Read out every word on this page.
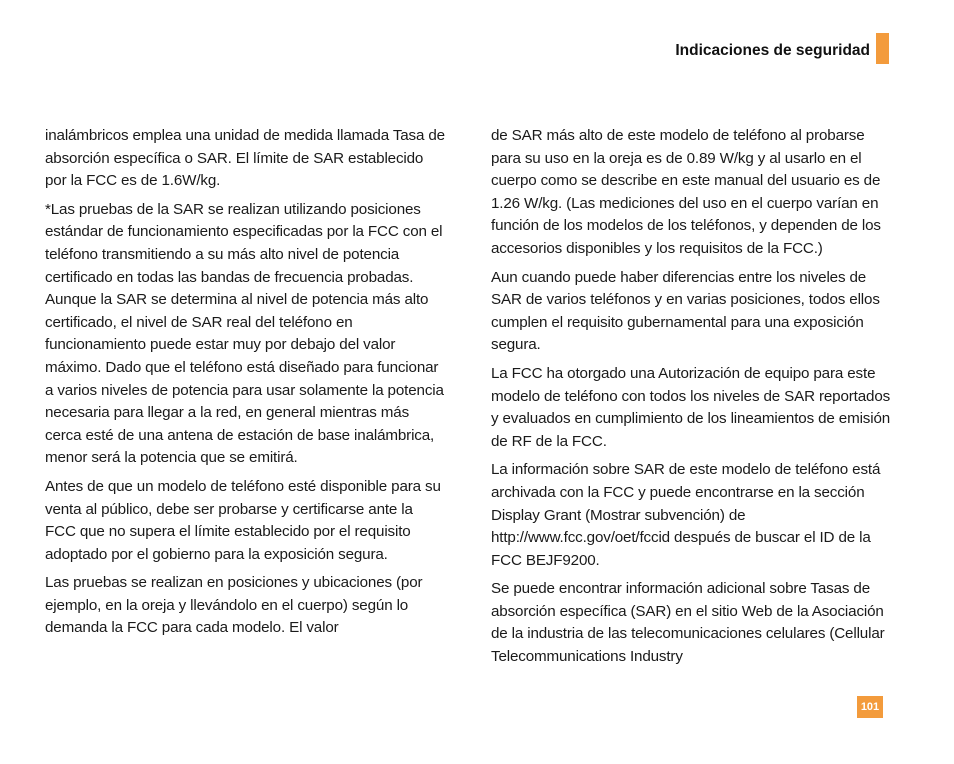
Indicaciones de seguridad

inalámbricos emplea una unidad de medida llamada Tasa de absorción específica o SAR. El límite de SAR establecido por la FCC es de 1.6W/kg.

*Las pruebas de la SAR se realizan utilizando posiciones estándar de funcionamiento especificadas por la FCC con el teléfono transmitiendo a su más alto nivel de potencia certificado en todas las bandas de frecuencia probadas. Aunque la SAR se determina al nivel de potencia más alto certificado, el nivel de SAR real del teléfono en funcionamiento puede estar muy por debajo del valor máximo. Dado que el teléfono está diseñado para funcionar a varios niveles de potencia para usar solamente la potencia necesaria para llegar a la red, en general mientras más cerca esté de una antena de estación de base inalámbrica, menor será la potencia que se emitirá.

Antes de que un modelo de teléfono esté disponible para su venta al público, debe ser probarse y certificarse ante la FCC que no supera el límite establecido por el requisito adoptado por el gobierno para la exposición segura.

Las pruebas se realizan en posiciones y ubicaciones (por ejemplo, en la oreja y llevándolo en el cuerpo) según lo demanda la FCC para cada modelo. El valor

de SAR más alto de este modelo de teléfono al probarse para su uso en la oreja es de 0.89 W/kg y al usarlo en el cuerpo como se describe en este manual del usuario es de 1.26 W/kg. (Las mediciones del uso en el cuerpo varían en función de los modelos de los teléfonos, y dependen de los accesorios disponibles y los requisitos de la FCC.)

Aun cuando puede haber diferencias entre los niveles de SAR de varios teléfonos y en varias posiciones, todos ellos cumplen el requisito gubernamental para una exposición segura.

La FCC ha otorgado una Autorización de equipo para este modelo de teléfono con todos los niveles de SAR reportados y evaluados en cumplimiento de los lineamientos de emisión de RF de la FCC.

La información sobre SAR de este modelo de teléfono está archivada con la FCC y puede encontrarse en la sección Display Grant (Mostrar subvención) de http://www.fcc.gov/oet/fccid después de buscar el ID de la FCC BEJF9200.

Se puede encontrar información adicional sobre Tasas de absorción específica (SAR) en el sitio Web de la Asociación de la industria de las telecomunicaciones celulares (Cellular Telecommunications Industry

101
